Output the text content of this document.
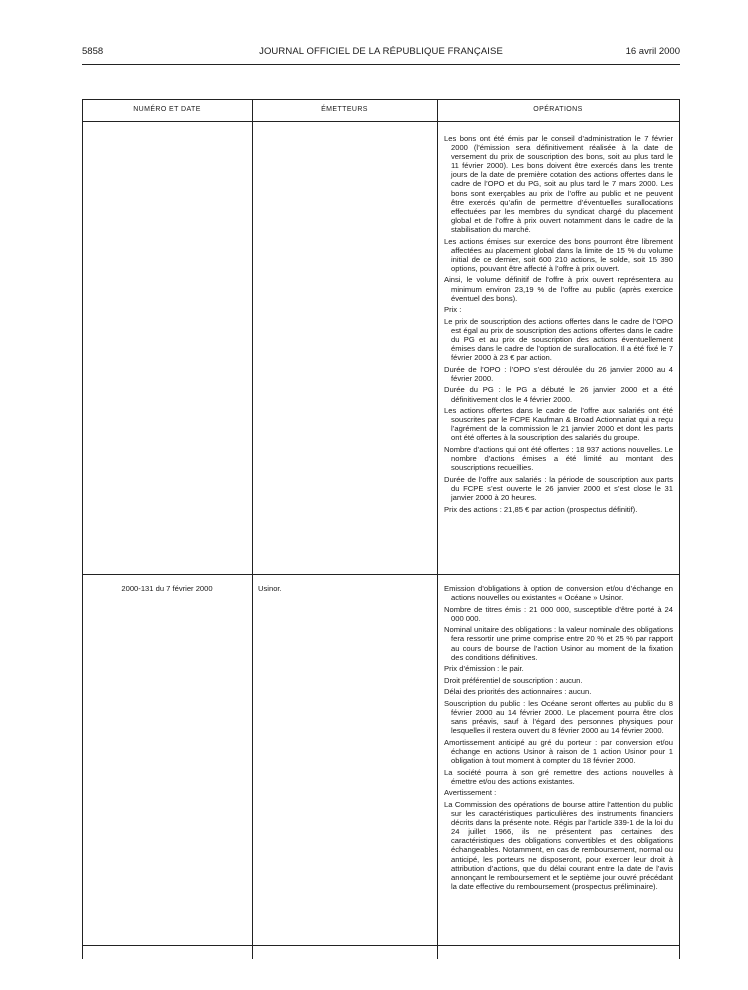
5858	JOURNAL OFFICIEL DE LA RÉPUBLIQUE FRANÇAISE	16 avril 2000
NUMÉRO ET DATE	ÉMETTEURS	OPÉRATIONS

Les bons ont été émis par le conseil d’administration le 7 février 2000 (l’émission sera définitivement réalisée à la date de versement du prix de souscription des bons, soit au plus tard le 11 février 2000). Les bons doivent être exercés dans les trente jours de la date de première cotation des actions offertes dans le cadre de l’OPO et du PG, soit au plus tard le 7 mars 2000. Les bons sont exerçables au prix de l’offre au public et ne peuvent être exercés qu’afin de permettre d’éventuelles surallocations effectuées par les membres du syndicat chargé du placement global et de l’offre à prix ouvert notamment dans le cadre de la stabilisation du marché.

Les actions émises sur exercice des bons pourront être librement affectées au placement global dans la limite de 15 % du volume initial de ce dernier, soit 600 210 actions, le solde, soit 15 390 options, pouvant être affecté à l’offre à prix ouvert.

Ainsi, le volume définitif de l’offre à prix ouvert représentera au minimum environ 23,19 % de l’offre au public (après exercice éventuel des bons).

Prix :

Le prix de souscription des actions offertes dans le cadre de l’OPO est égal au prix de souscription des actions offertes dans le cadre du PG et au prix de souscription des actions éventuellement émises dans le cadre de l’option de surallocation. Il a été fixé le 7 février 2000 à 23 € par action.

Durée de l’OPO : l’OPO s’est déroulée du 26 janvier 2000 au 4 février 2000.

Durée du PG : le PG a débuté le 26 janvier 2000 et a été définitivement clos le 4 février 2000.

Les actions offertes dans le cadre de l’offre aux salariés ont été souscrites par le FCPE Kaufman & Broad Actionnariat qui a reçu l’agrément de la commission le 21 janvier 2000 et dont les parts ont été offertes à la souscription des salariés du groupe.

Nombre d’actions qui ont été offertes : 18 937 actions nouvelles. Le nombre d’actions émises a été limité au montant des souscriptions recueillies.

Durée de l’offre aux salariés : la période de souscription aux parts du FCPE s’est ouverte le 26 janvier 2000 et s’est close le 31 janvier 2000 à 20 heures.

Prix des actions : 21,85 € par action (prospectus définitif).

2000-131 du 7 février 2000	Usinor.	Emission d’obligations à option de conversion et/ou d’échange en actions nouvelles ou existantes « Océane » Usinor.

Nombre de titres émis : 21 000 000, susceptible d’être porté à 24 000 000.

Nominal unitaire des obligations : la valeur nominale des obligations fera ressortir une prime comprise entre 20 % et 25 % par rapport au cours de bourse de l’action Usinor au moment de la fixation des conditions définitives.

Prix d’émission : le pair.

Droit préférentiel de souscription : aucun.

Délai des priorités des actionnaires : aucun.

Souscription du public : les Océane seront offertes au public du 8 février 2000 au 14 février 2000. Le placement pourra être clos sans préavis, sauf à l’égard des personnes physiques pour lesquelles il restera ouvert du 8 février 2000 au 14 février 2000.

Amortissement anticipé au gré du porteur : par conversion et/ou échange en actions Usinor à raison de 1 action Usinor pour 1 obligation à tout moment à compter du 18 février 2000.

La société pourra à son gré remettre des actions nouvelles à émettre et/ou des actions existantes.

Avertissement :

La Commission des opérations de bourse attire l’attention du public sur les caractéristiques particulières des instruments financiers décrits dans la présente note. Régis par l’article 339-1 de la loi du 24 juillet 1966, ils ne présentent pas certaines des caractéristiques des obligations convertibles et des obligations échangeables. Notamment, en cas de remboursement, normal ou anticipé, les porteurs ne disposeront, pour exercer leur droit à attribution d’actions, que du délai courant entre la date de l’avis annonçant le remboursement et le septième jour ouvré précédant la date effective du remboursement (prospectus préliminaire).
